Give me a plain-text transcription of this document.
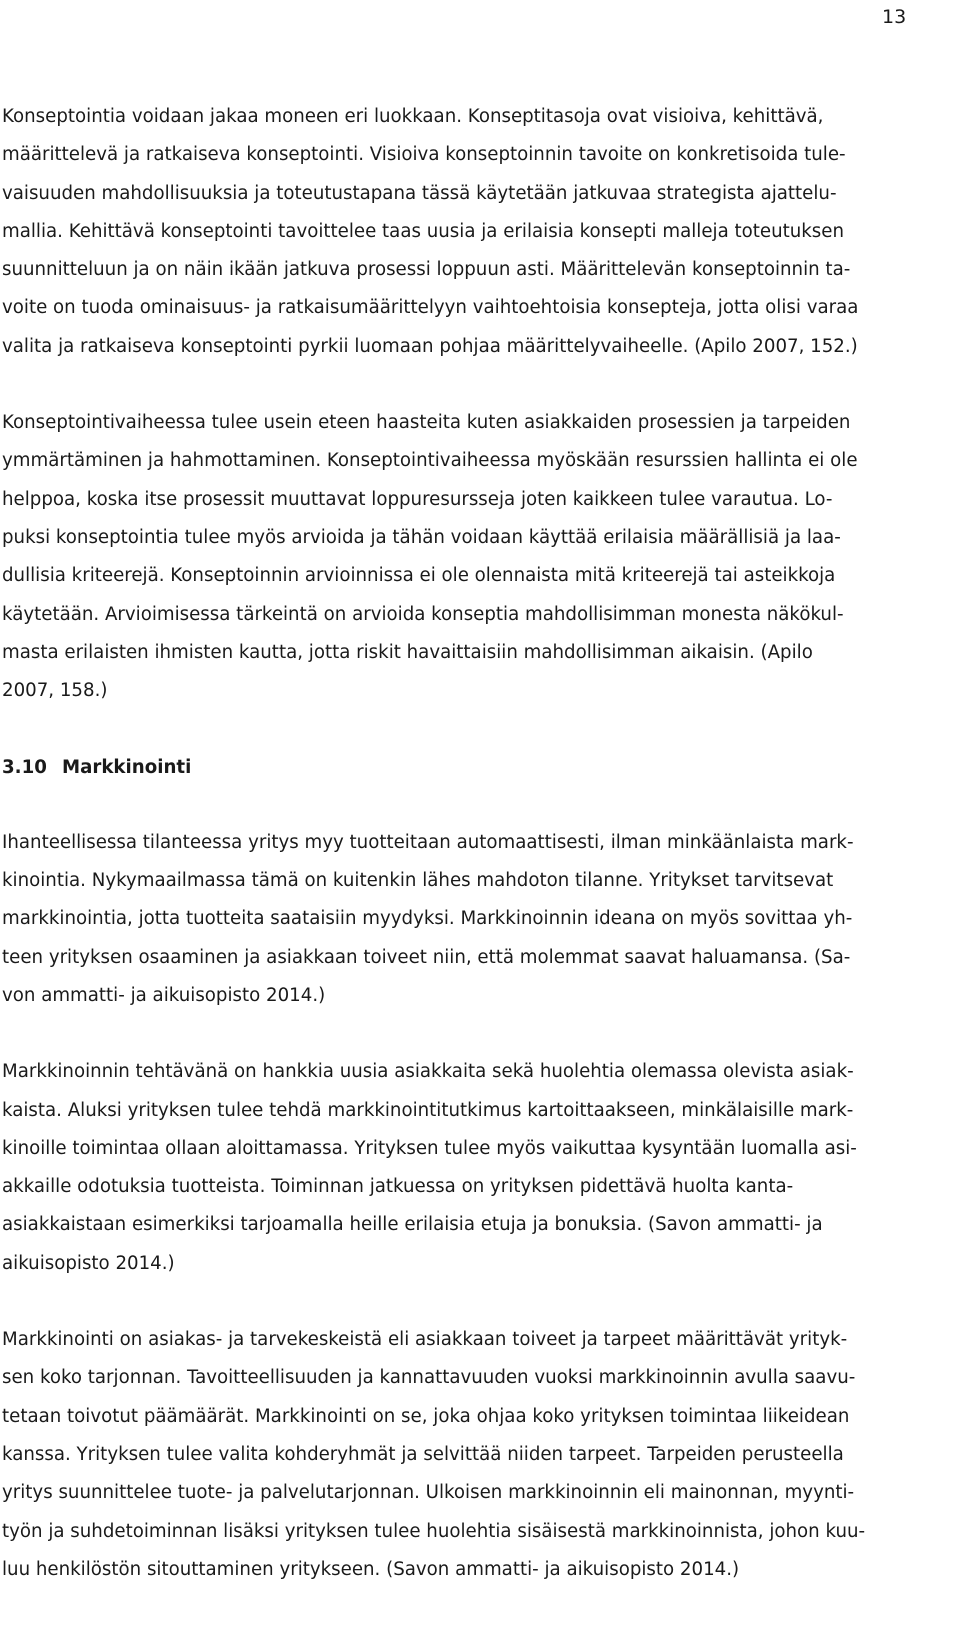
13

Konseptointia voidaan jakaa moneen eri luokkaan. Konseptitasoja ovat visioiva, kehittävä,
määrittelevä ja ratkaiseva konseptointi. Visioiva konseptoinnin tavoite on konkretisoida tule-
vaisuuden mahdollisuuksia ja toteutustapana tässä käytetään jatkuvaa strategista ajattelu-
mallia. Kehittävä konseptointi tavoittelee taas uusia ja erilaisia konsepti malleja toteutuksen
suunnitteluun ja on näin ikään jatkuva prosessi loppuun asti. Määrittelevän konseptoinnin ta-
voite on tuoda ominaisuus- ja ratkaisumäärittelyyn vaihtoehtoisia konsepteja, jotta olisi varaa
valita ja ratkaiseva konseptointi pyrkii luomaan pohjaa määrittelyvaiheelle. (Apilo 2007, 152.)

Konseptointivaiheessa tulee usein eteen haasteita kuten asiakkaiden prosessien ja tarpeiden
ymmärtäminen ja hahmottaminen. Konseptointivaiheessa myöskään resurssien hallinta ei ole
helppoa, koska itse prosessit muuttavat loppuresursseja joten kaikkeen tulee varautua. Lo-
puksi konseptointia tulee myös arvioida ja tähän voidaan käyttää erilaisia määrällisiä ja laa-
dullisia kriteerejä. Konseptoinnin arvioinnissa ei ole olennaista mitä kriteerejä tai asteikkoja
käytetään. Arvioimisessa tärkeintä on arvioida konseptia mahdollisimman monesta näkökul-
masta erilaisten ihmisten kautta, jotta riskit havaittaisiin mahdollisimman aikaisin. (Apilo
2007, 158.)

3.10 Markkinointi

Ihanteellisessa tilanteessa yritys myy tuotteitaan automaattisesti, ilman minkäänlaista mark-
kinointia. Nykymaailmassa tämä on kuitenkin lähes mahdoton tilanne. Yritykset tarvitsevat
markkinointia, jotta tuotteita saataisiin myydyksi. Markkinoinnin ideana on myös sovittaa yh-
teen yrityksen osaaminen ja asiakkaan toiveet niin, että molemmat saavat haluamansa. (Sa-
von ammatti- ja aikuisopisto 2014.)

Markkinoinnin tehtävänä on hankkia uusia asiakkaita sekä huolehtia olemassa olevista asiak-
kaista. Aluksi yrityksen tulee tehdä markkinointitutkimus kartoittaakseen, minkälaisille mark-
kinoille toimintaa ollaan aloittamassa. Yrityksen tulee myös vaikuttaa kysyntään luomalla asi-
akkaille odotuksia tuotteista. Toiminnan jatkuessa on yrityksen pidettävä huolta kanta-
asiakkaistaan esimerkiksi tarjoamalla heille erilaisia etuja ja bonuksia. (Savon ammatti- ja
aikuisopisto 2014.)

Markkinointi on asiakas- ja tarvekeskeistä eli asiakkaan toiveet ja tarpeet määrittävät yrityk-
sen koko tarjonnan. Tavoitteellisuuden ja kannattavuuden vuoksi markkinoinnin avulla saavu-
tetaan toivotut päämäärät. Markkinointi on se, joka ohjaa koko yrityksen toimintaa liikeidean
kanssa. Yrityksen tulee valita kohderyhmät ja selvittää niiden tarpeet. Tarpeiden perusteella
yritys suunnittelee tuote- ja palvelutarjonnan. Ulkoisen markkinoinnin eli mainonnan, myynti-
työn ja suhdetoiminnan lisäksi yrityksen tulee huolehtia sisäisestä markkinoinnista, johon kuu-
luu henkilöstön sitouttaminen yritykseen. (Savon ammatti- ja aikuisopisto 2014.)
